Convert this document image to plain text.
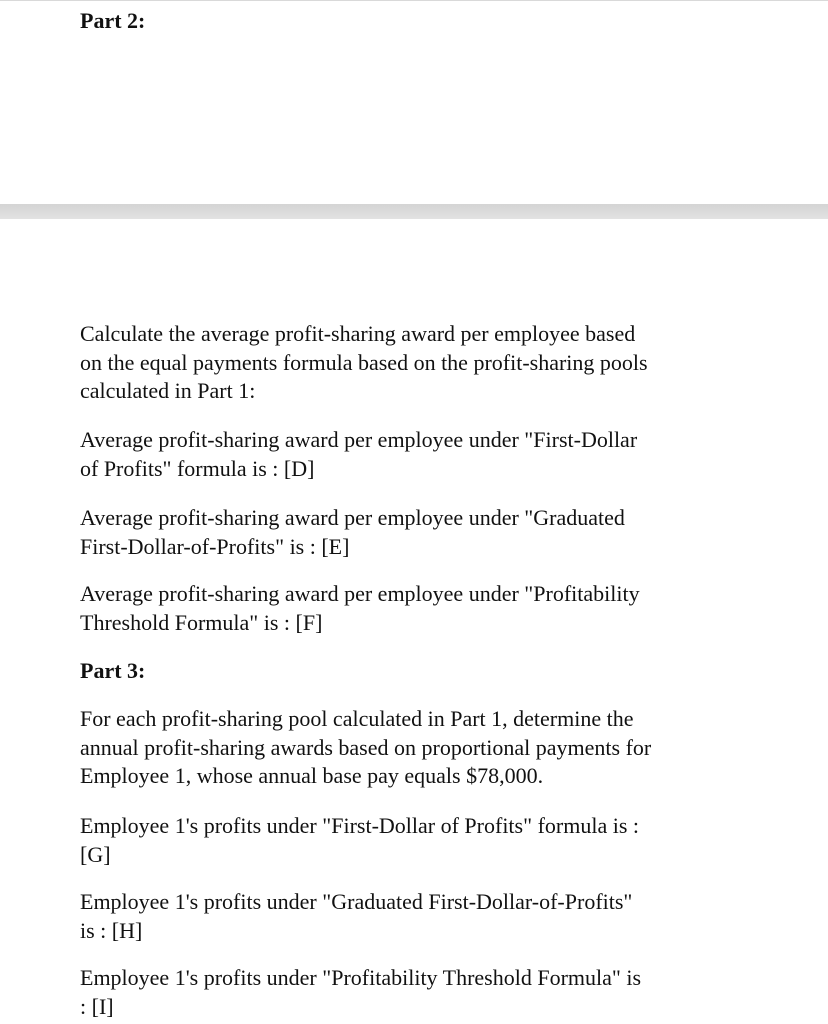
Part 2:

Calculate the average profit-sharing award per employee based
on the equal payments formula based on the profit-sharing pools
calculated in Part 1:

Average profit-sharing award per employee under "First-Dollar
of Profits" formula is : [D]

Average profit-sharing award per employee under "Graduated
First-Dollar-of-Profits" is : [E]

Average profit-sharing award per employee under "Profitability
Threshold Formula" is : [F]

Part 3:

For each profit-sharing pool calculated in Part 1, determine the
annual profit-sharing awards based on proportional payments for
Employee 1, whose annual base pay equals $78,000.

Employee 1's profits under "First-Dollar of Profits" formula is :
[G]

Employee 1's profits under "Graduated First-Dollar-of-Profits"
is : [H]

Employee 1's profits under "Profitability Threshold Formula" is
: [I]
